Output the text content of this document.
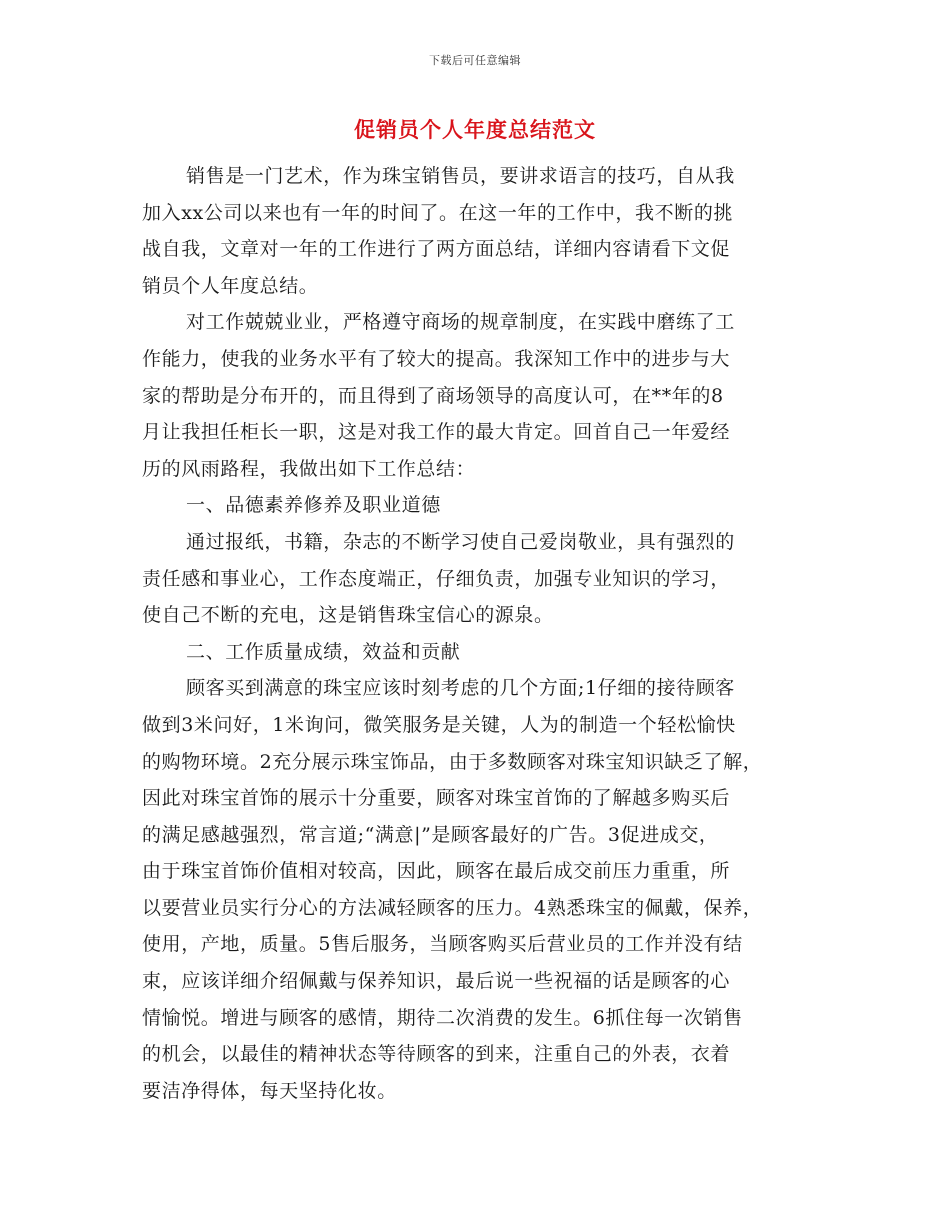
下载后可任意编辑
促销员个人年度总结范文
销售是一门艺术，作为珠宝销售员，要讲求语言的技巧，自从我
加入xx公司以来也有一年的时间了。在这一年的工作中，我不断的挑
战自我，文章对一年的工作进行了两方面总结，详细内容请看下文促
销员个人年度总结。
对工作兢兢业业，严格遵守商场的规章制度，在实践中磨练了工
作能力，使我的业务水平有了较大的提高。我深知工作中的进步与大
家的帮助是分布开的，而且得到了商场领导的高度认可，在**年的8
月让我担任柜长一职，这是对我工作的最大肯定。回首自己一年爱经
历的风雨路程，我做出如下工作总结：
一、品德素养修养及职业道德
通过报纸，书籍，杂志的不断学习使自己爱岗敬业，具有强烈的
责任感和事业心，工作态度端正，仔细负责，加强专业知识的学习，
使自己不断的充电，这是销售珠宝信心的源泉。
二、工作质量成绩，效益和贡献
顾客买到满意的珠宝应该时刻考虑的几个方面;1仔细的接待顾客
做到3米问好，1米询问，微笑服务是关键，人为的制造一个轻松愉快
的购物环境。2充分展示珠宝饰品，由于多数顾客对珠宝知识缺乏了解，
因此对珠宝首饰的展示十分重要，顾客对珠宝首饰的了解越多购买后
的满足感越强烈，常言道;“满意|”是顾客最好的广告。3促进成交，
由于珠宝首饰价值相对较高，因此，顾客在最后成交前压力重重，所
以要营业员实行分心的方法减轻顾客的压力。4熟悉珠宝的佩戴，保养，
使用，产地，质量。5售后服务，当顾客购买后营业员的工作并没有结
束，应该详细介绍佩戴与保养知识，最后说一些祝福的话是顾客的心
情愉悦。增进与顾客的感情，期待二次消费的发生。6抓住每一次销售
的机会，以最佳的精神状态等待顾客的到来，注重自己的外表，衣着
要洁净得体，每天坚持化妆。
